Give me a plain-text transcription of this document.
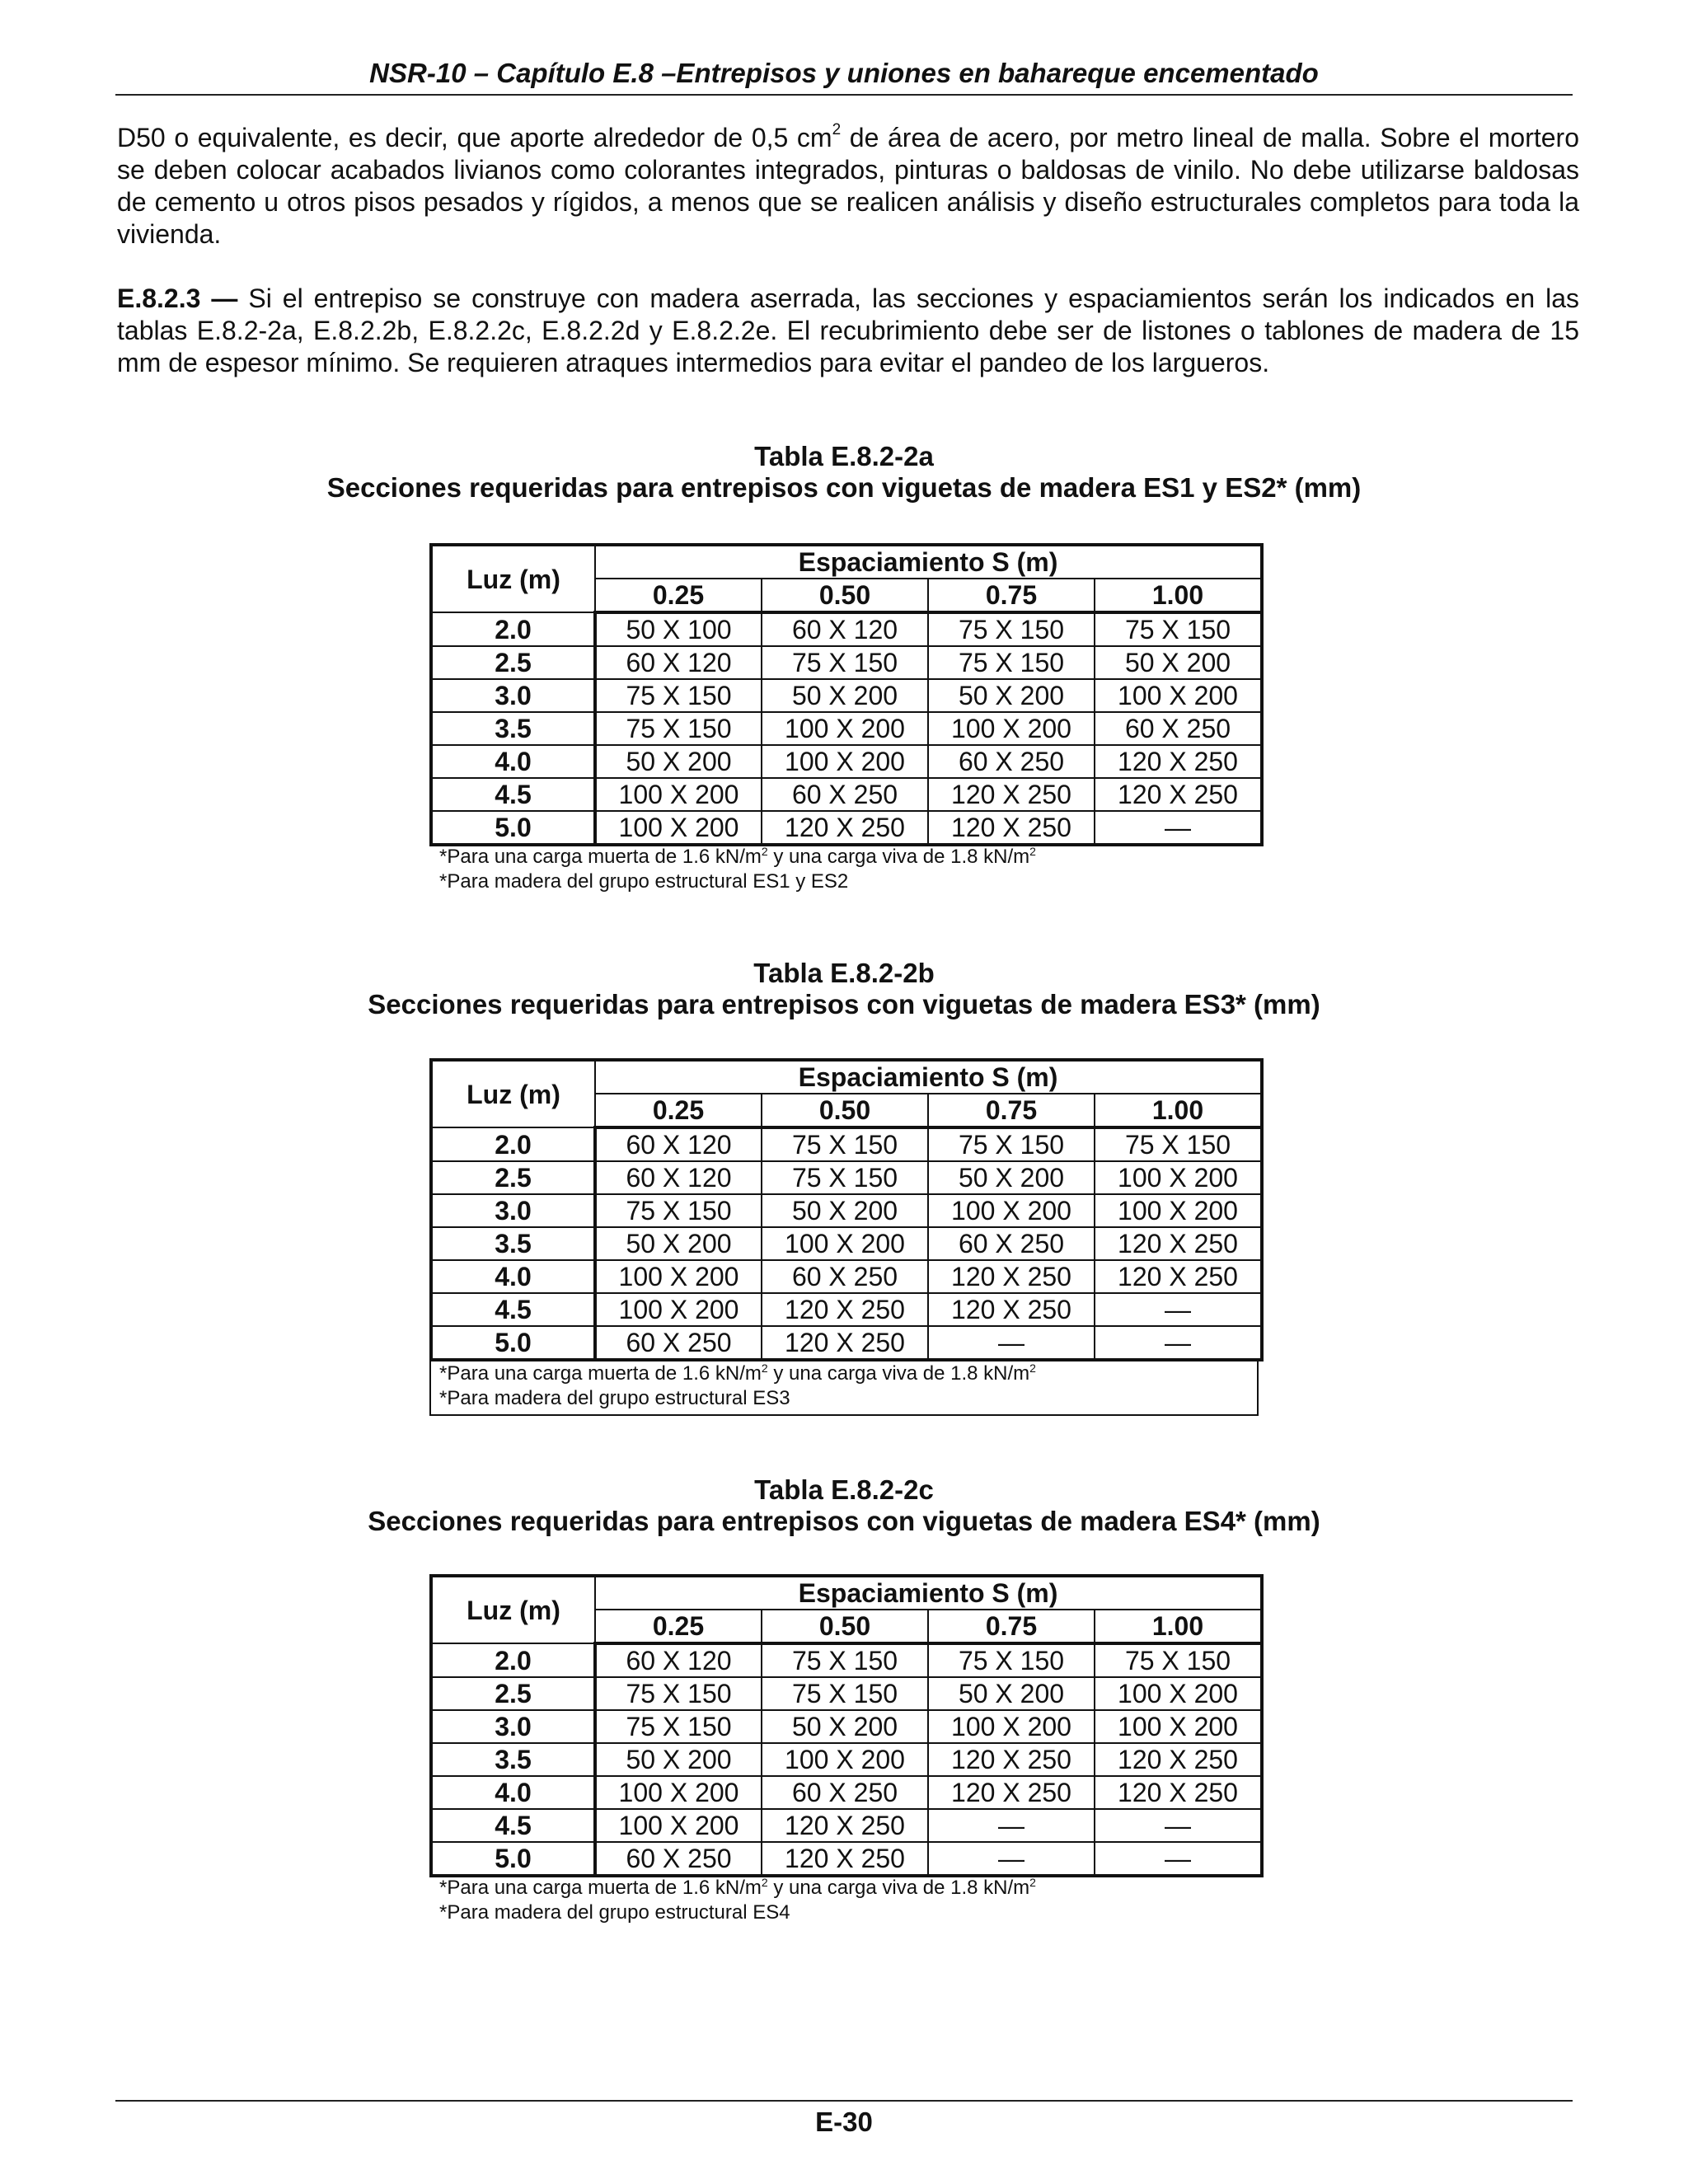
NSR-10 – Capítulo E.8 –Entrepisos y uniones en bahareque encementado

D50 o equivalente, es decir, que aporte alrededor de 0,5 $cm^2$ de área de acero, por metro lineal de malla. Sobre el mortero se deben colocar acabados livianos como colorantes integrados, pinturas o baldosas de vinilo. No debe utilizarse baldosas de cemento u otros pisos pesados y rígidos, a menos que se realicen análisis y diseño estructurales completos para toda la vivienda.

E.8.2.3 — Si el entrepiso se construye con madera aserrada, las secciones y espaciamientos serán los indicados en las tablas E.8.2-2a, E.8.2.2b, E.8.2.2c, E.8.2.2d y E.8.2.2e. El recubrimiento debe ser de listones o tablones de madera de 15 mm de espesor mínimo. Se requieren atraques intermedios para evitar el pandeo de los largueros.

Tabla E.8.2-2a
Secciones requeridas para entrepisos con viguetas de madera ES1 y ES2* (mm)
Luz (m)	Espaciamiento S (m)			
	0.25	0.50	0.75	1.00
2.0	50 X 100	60 X 120	75 X 150	75 X 150
2.5	60 X 120	75 X 150	75 X 150	50 X 200
3.0	75 X 150	50 X 200	50 X 200	100 X 200
3.5	75 X 150	100 X 200	100 X 200	60 X 250
4.0	50 X 200	100 X 200	60 X 250	120 X 250
4.5	100 X 200	60 X 250	120 X 250	120 X 250
5.0	100 X 200	120 X 250	120 X 250	—
*Para una carga muerta de 1.6 $kN/m^2$ y una carga viva de 1.8 $kN/m^2$
*Para madera del grupo estructural ES1 y ES2
Tabla E.8.2-2b
Secciones requeridas para entrepisos con viguetas de madera ES3* (mm)
Luz (m)	Espaciamiento S (m)			
	0.25	0.50	0.75	1.00
2.0	60 X 120	75 X 150	75 X 150	75 X 150
2.5	60 X 120	75 X 150	50 X 200	100 X 200
3.0	75 X 150	50 X 200	100 X 200	100 X 200
3.5	50 X 200	100 X 200	60 X 250	120 X 250
4.0	100 X 200	60 X 250	120 X 250	120 X 250
4.5	100 X 200	120 X 250	120 X 250	—
5.0	60 X 250	120 X 250	—	—
*Para una carga muerta de 1.6 $kN/m^2$ y una carga viva de 1.8 $kN/m^2$
*Para madera del grupo estructural ES3
Tabla E.8.2-2c
Secciones requeridas para entrepisos con viguetas de madera ES4* (mm)
Luz (m)	Espaciamiento S (m)			
	0.25	0.50	0.75	1.00
2.0	60 X 120	75 X 150	75 X 150	75 X 150
2.5	75 X 150	75 X 150	50 X 200	100 X 200
3.0	75 X 150	50 X 200	100 X 200	100 X 200
3.5	50 X 200	100 X 200	120 X 250	120 X 250
4.0	100 X 200	60 X 250	120 X 250	120 X 250
4.5	100 X 200	120 X 250	—	—
5.0	60 X 250	120 X 250	—	—
*Para una carga muerta de 1.6 $kN/m^2$ y una carga viva de 1.8 $kN/m^2$
*Para madera del grupo estructural ES4
E-30
